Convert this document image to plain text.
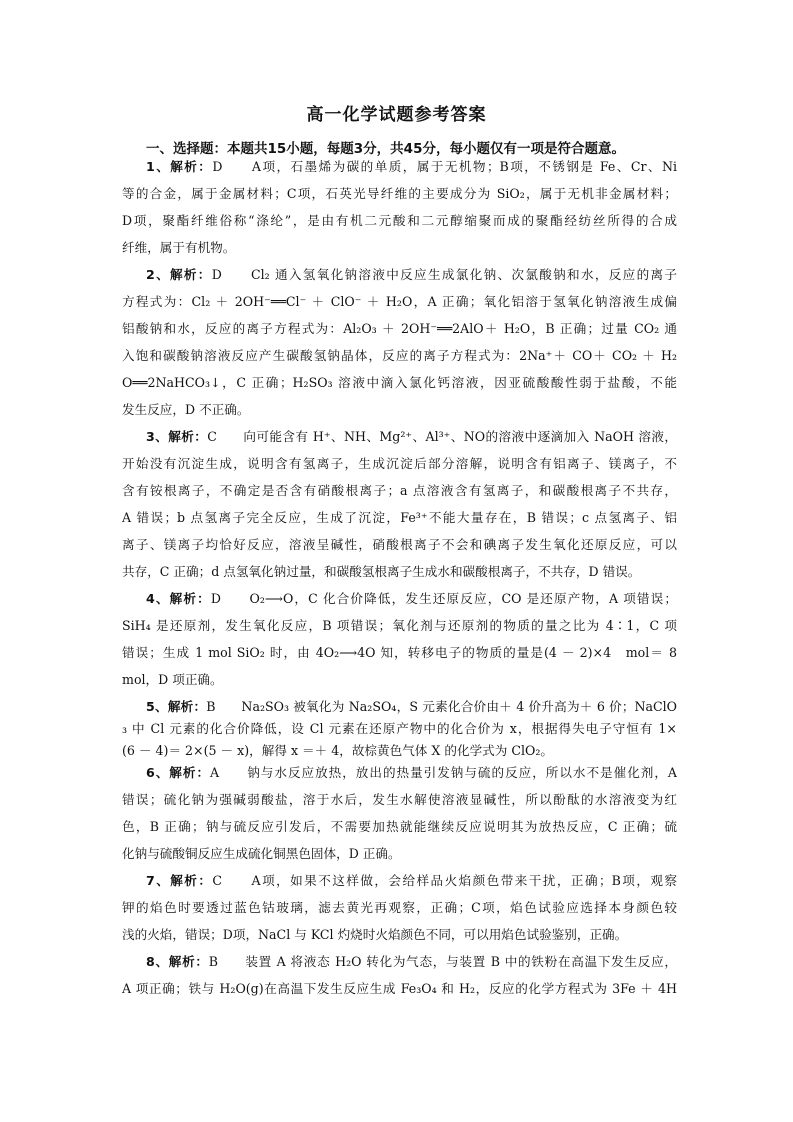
高一化学试题参考答案
一、选择题：本题共15小题，每题3分，共45分，每小题仅有一项是符合题意。
1、解析：D　　A项，石墨烯为碳的单质，属于无机物；B项，不锈钢是 Fe、Cr、Ni
等的合金，属于金属材料；C项，石英光导纤维的主要成分为 SiO₂，属于无机非金属材料；
D项，聚酯纤维俗称“涤纶”，是由有机二元酸和二元醇缩聚而成的聚酯经纺丝所得的合成
纤维，属于有机物。
2、解析：D　　Cl₂ 通入氢氧化钠溶液中反应生成氯化钠、次氯酸钠和水，反应的离子
方程式为：Cl₂ ＋ 2OH⁻══Cl⁻ ＋ ClO⁻ ＋ H₂O，A 正确；氧化铝溶于氢氧化钠溶液生成偏
铝酸钠和水，反应的离子方程式为：Al₂O₃ ＋ 2OH⁻══2AlO＋ H₂O，B 正确；过量 CO₂ 通
入饱和碳酸钠溶液反应产生碳酸氢钠晶体，反应的离子方程式为：2Na⁺＋ CO＋ CO₂ ＋ H₂
O══2NaHCO₃↓，C 正确；H₂SO₃ 溶液中滴入氯化钙溶液，因亚硫酸酸性弱于盐酸，不能
发生反应，D 不正确。
3、解析：C　　向可能含有 H⁺、NH、Mg²⁺、Al³⁺、NO的溶液中逐滴加入 NaOH 溶液，
开始没有沉淀生成，说明含有氢离子，生成沉淀后部分溶解，说明含有铝离子、镁离子，不
含有铵根离子，不确定是否含有硝酸根离子；a 点溶液含有氢离子，和碳酸根离子不共存，
A 错误；b 点氢离子完全反应，生成了沉淀，Fe³⁺不能大量存在，B 错误；c 点氢离子、铝
离子、镁离子均恰好反应，溶液呈碱性，硝酸根离子不会和碘离子发生氧化还原反应，可以
共存，C 正确；d 点氢氧化钠过量，和碳酸氢根离子生成水和碳酸根离子，不共存，D 错误。
4、解析：D　　O₂⟶O，C 化合价降低，发生还原反应，CO 是还原产物，A 项错误；
SiH₄ 是还原剂，发生氧化反应，B 项错误；氧化剂与还原剂的物质的量之比为 4∶1，C 项
错误；生成 1 mol SiO₂ 时，由 4O₂⟶4O 知，转移电子的物质的量是(4 － 2)×4　mol＝ 8
mol，D 项正确。
5、解析：B　　Na₂SO₃ 被氧化为 Na₂SO₄，S 元素化合价由＋ 4 价升高为＋ 6 价；NaClO
₃ 中 Cl 元素的化合价降低，设 Cl 元素在还原产物中的化合价为 x，根据得失电子守恒有 1×
(6 － 4)＝ 2×(5 － x)，解得 x ＝＋ 4，故棕黄色气体 X 的化学式为 ClO₂。
6、解析：A　　钠与水反应放热，放出的热量引发钠与硫的反应，所以水不是催化剂，A
错误；硫化钠为强碱弱酸盐，溶于水后，发生水解使溶液显碱性，所以酚酞的水溶液变为红
色，B 正确；钠与硫反应引发后，不需要加热就能继续反应说明其为放热反应，C 正确；硫
化钠与硫酸铜反应生成硫化铜黑色固体，D 正确。
7、解析：C　　A项，如果不这样做，会给样品火焰颜色带来干扰，正确；B项，观察
钾的焰色时要透过蓝色钴玻璃，滤去黄光再观察，正确；C项，焰色试验应选择本身颜色较
浅的火焰，错误；D项，NaCl 与 KCl 灼烧时火焰颜色不同，可以用焰色试验鉴别，正确。
8、解析：B　　装置 A 将液态 H₂O 转化为气态，与装置 B 中的铁粉在高温下发生反应，
A 项正确；铁与 H₂O(g)在高温下发生反应生成 Fe₃O₄ 和 H₂，反应的化学方程式为 3Fe ＋ 4H
